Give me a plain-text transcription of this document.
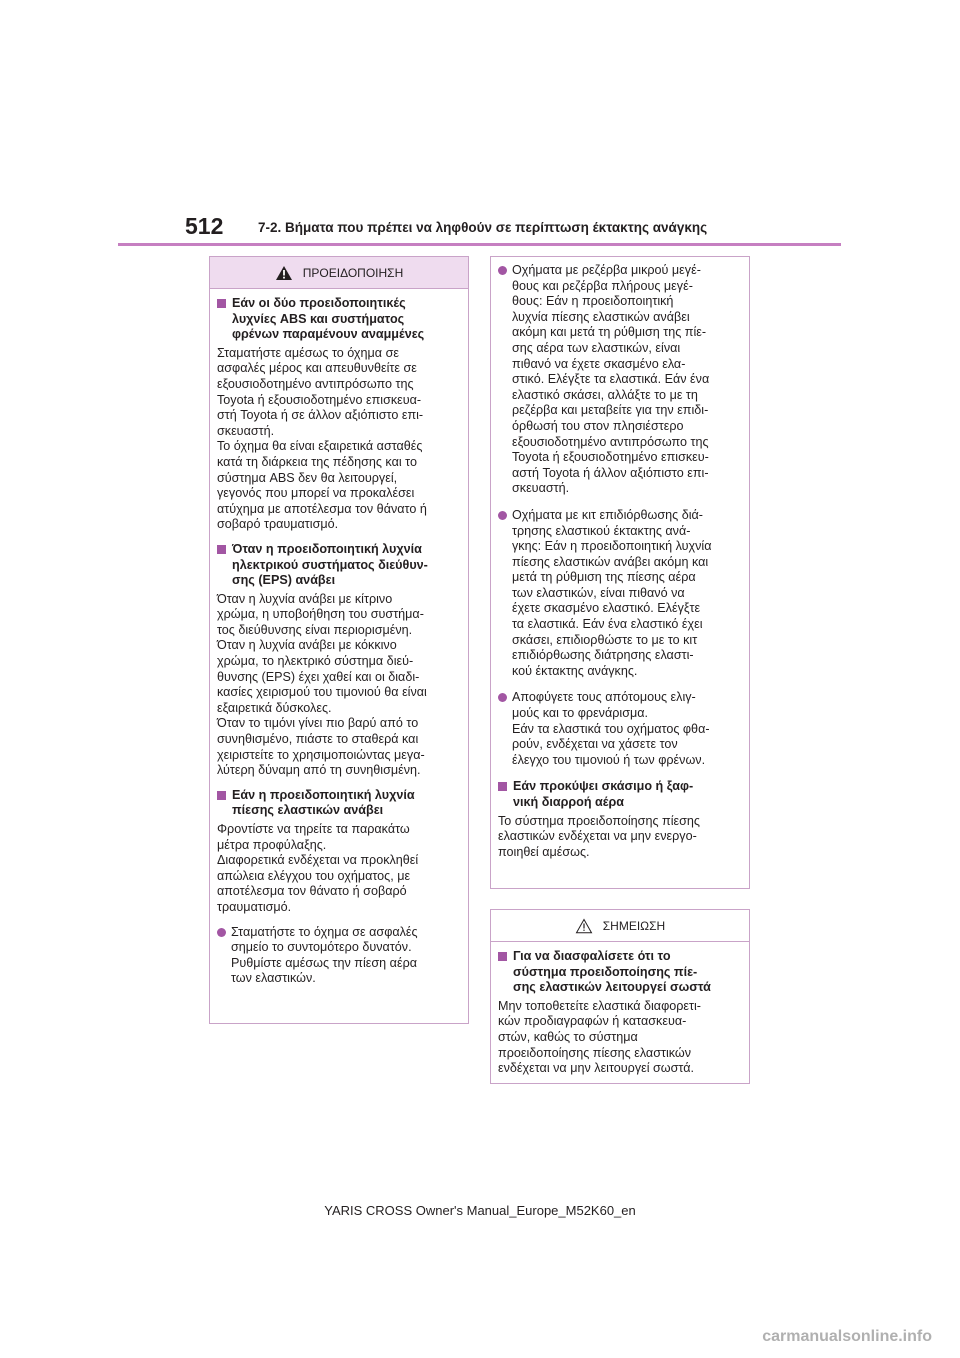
512	7-2. Βήματα που πρέπει να ληφθούν σε περίπτωση έκτακτης ανάγκης
ΠΡΟΕΙΔΟΠΟΙΗΣΗ
Εάν οι δύο προειδοποιητικές
λυχνίες ABS και συστήματος
φρένων παραμένουν αναμμένες
Σταματήστε αμέσως το όχημα σε
ασφαλές μέρος και απευθυνθείτε σε
εξουσιοδοτημένο αντιπρόσωπο της
Toyota ή εξουσιοδοτημένο επισκευα-
στή Toyota ή σε άλλον αξιόπιστο επι-
σκευαστή.
Το όχημα θα είναι εξαιρετικά ασταθές
κατά τη διάρκεια της πέδησης και το
σύστημα ABS δεν θα λειτουργεί,
γεγονός που μπορεί να προκαλέσει
ατύχημα με αποτέλεσμα τον θάνατο ή
σοβαρό τραυματισμό.
Όταν η προειδοποιητική λυχνία
ηλεκτρικού συστήματος διεύθυν-
σης (EPS) ανάβει
Όταν η λυχνία ανάβει με κίτρινο
χρώμα, η υποβοήθηση του συστήμα-
τος διεύθυνσης είναι περιορισμένη.
Όταν η λυχνία ανάβει με κόκκινο
χρώμα, το ηλεκτρικό σύστημα διεύ-
θυνσης (EPS) έχει χαθεί και οι διαδι-
κασίες χειρισμού του τιμονιού θα είναι
εξαιρετικά δύσκολες.
Όταν το τιμόνι γίνει πιο βαρύ από το
συνηθισμένο, πιάστε το σταθερά και
χειριστείτε το χρησιμοποιώντας μεγα-
λύτερη δύναμη από τη συνηθισμένη.
Εάν η προειδοποιητική λυχνία
πίεσης ελαστικών ανάβει
Φροντίστε να τηρείτε τα παρακάτω
μέτρα προφύλαξης.
Διαφορετικά ενδέχεται να προκληθεί
απώλεια ελέγχου του οχήματος, με
αποτέλεσμα τον θάνατο ή σοβαρό
τραυματισμό.
Σταματήστε το όχημα σε ασφαλές
σημείο το συντομότερο δυνατόν.
Ρυθμίστε αμέσως την πίεση αέρα
των ελαστικών.
Οχήματα με ρεζέρβα μικρού μεγέ-
θους και ρεζέρβα πλήρους μεγέ-
θους: Εάν η προειδοποιητική
λυχνία πίεσης ελαστικών ανάβει
ακόμη και μετά τη ρύθμιση της πίε-
σης αέρα των ελαστικών, είναι
πιθανό να έχετε σκασμένο ελα-
στικό. Ελέγξτε τα ελαστικά. Εάν ένα
ελαστικό σκάσει, αλλάξτε το με τη
ρεζέρβα και μεταβείτε για την επιδι-
όρθωσή του στον πλησιέστερο
εξουσιοδοτημένο αντιπρόσωπο της
Toyota ή εξουσιοδοτημένο επισκευ-
αστή Toyota ή άλλον αξιόπιστο επι-
σκευαστή.
Οχήματα με κιτ επιδιόρθωσης διά-
τρησης ελαστικού έκτακτης ανά-
γκης: Εάν η προειδοποιητική λυχνία
πίεσης ελαστικών ανάβει ακόμη και
μετά τη ρύθμιση της πίεσης αέρα
των ελαστικών, είναι πιθανό να
έχετε σκασμένο ελαστικό. Ελέγξτε
τα ελαστικά. Εάν ένα ελαστικό έχει
σκάσει, επιδιορθώστε το με το κιτ
επιδιόρθωσης διάτρησης ελαστι-
κού έκτακτης ανάγκης.
Αποφύγετε τους απότομους ελιγ-
μούς και το φρενάρισμα.
Εάν τα ελαστικά του οχήματος φθα-
ρούν, ενδέχεται να χάσετε τον
έλεγχο του τιμονιού ή των φρένων.
Εάν προκύψει σκάσιμο ή ξαφ-
νική διαρροή αέρα
Το σύστημα προειδοποίησης πίεσης
ελαστικών ενδέχεται να μην ενεργο-
ποιηθεί αμέσως.
ΣΗΜΕΙΩΣΗ
Για να διασφαλίσετε ότι το
σύστημα προειδοποίησης πίε-
σης ελαστικών λειτουργεί σωστά
Μην τοποθετείτε ελαστικά διαφορετι-
κών προδιαγραφών ή κατασκευα-
στών, καθώς το σύστημα
προειδοποίησης πίεσης ελαστικών
ενδέχεται να μην λειτουργεί σωστά.
YARIS CROSS Owner's Manual_Europe_M52K60_en
carmanualsonline.info
